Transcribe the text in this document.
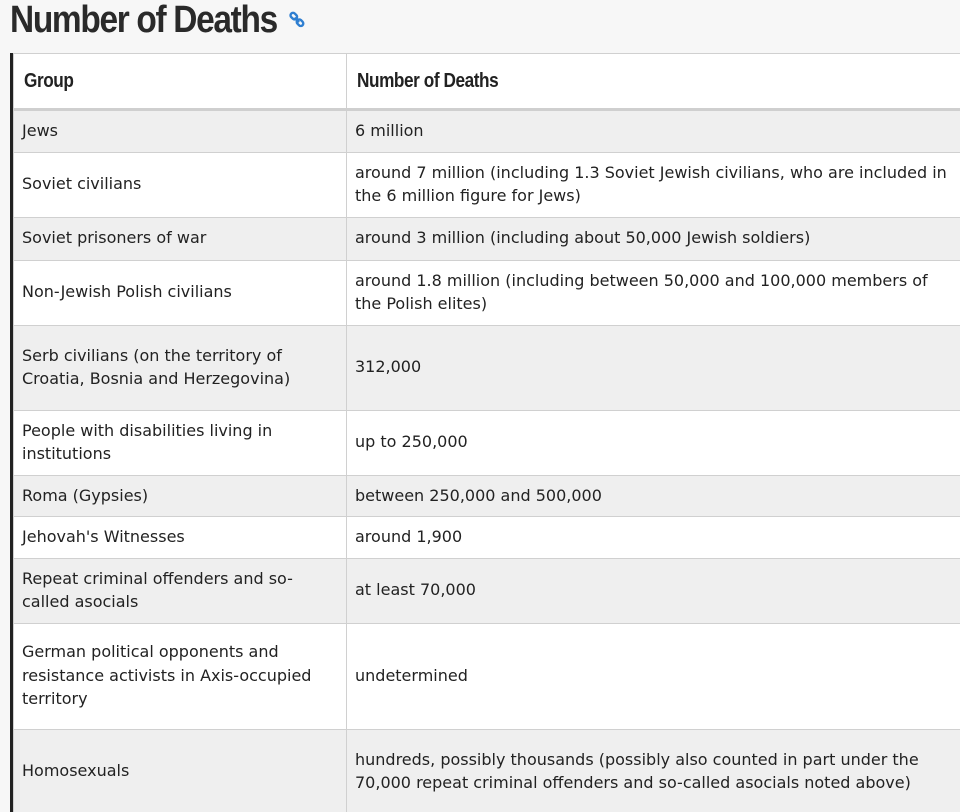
Number of Deaths
Group	Number of Deaths
Jews	6 million
Soviet civilians	around 7 million (including 1.3 Soviet Jewish civilians, who are included in the 6 million figure for Jews)
Soviet prisoners of war	around 3 million (including about 50,000 Jewish soldiers)
Non-Jewish Polish civilians	around 1.8 million (including between 50,000 and 100,000 members of the Polish elites)
Serb civilians (on the territory of Croatia, Bosnia and Herzegovina)	312,000
People with disabilities living in institutions	up to 250,000
Roma (Gypsies)	between 250,000 and 500,000
Jehovah's Witnesses	around 1,900
Repeat criminal offenders and so-called asocials	at least 70,000
German political opponents and resistance activists in Axis-occupied territory	undetermined
Homosexuals	hundreds, possibly thousands (possibly also counted in part under the 70,000 repeat criminal offenders and so-called asocials noted above)
